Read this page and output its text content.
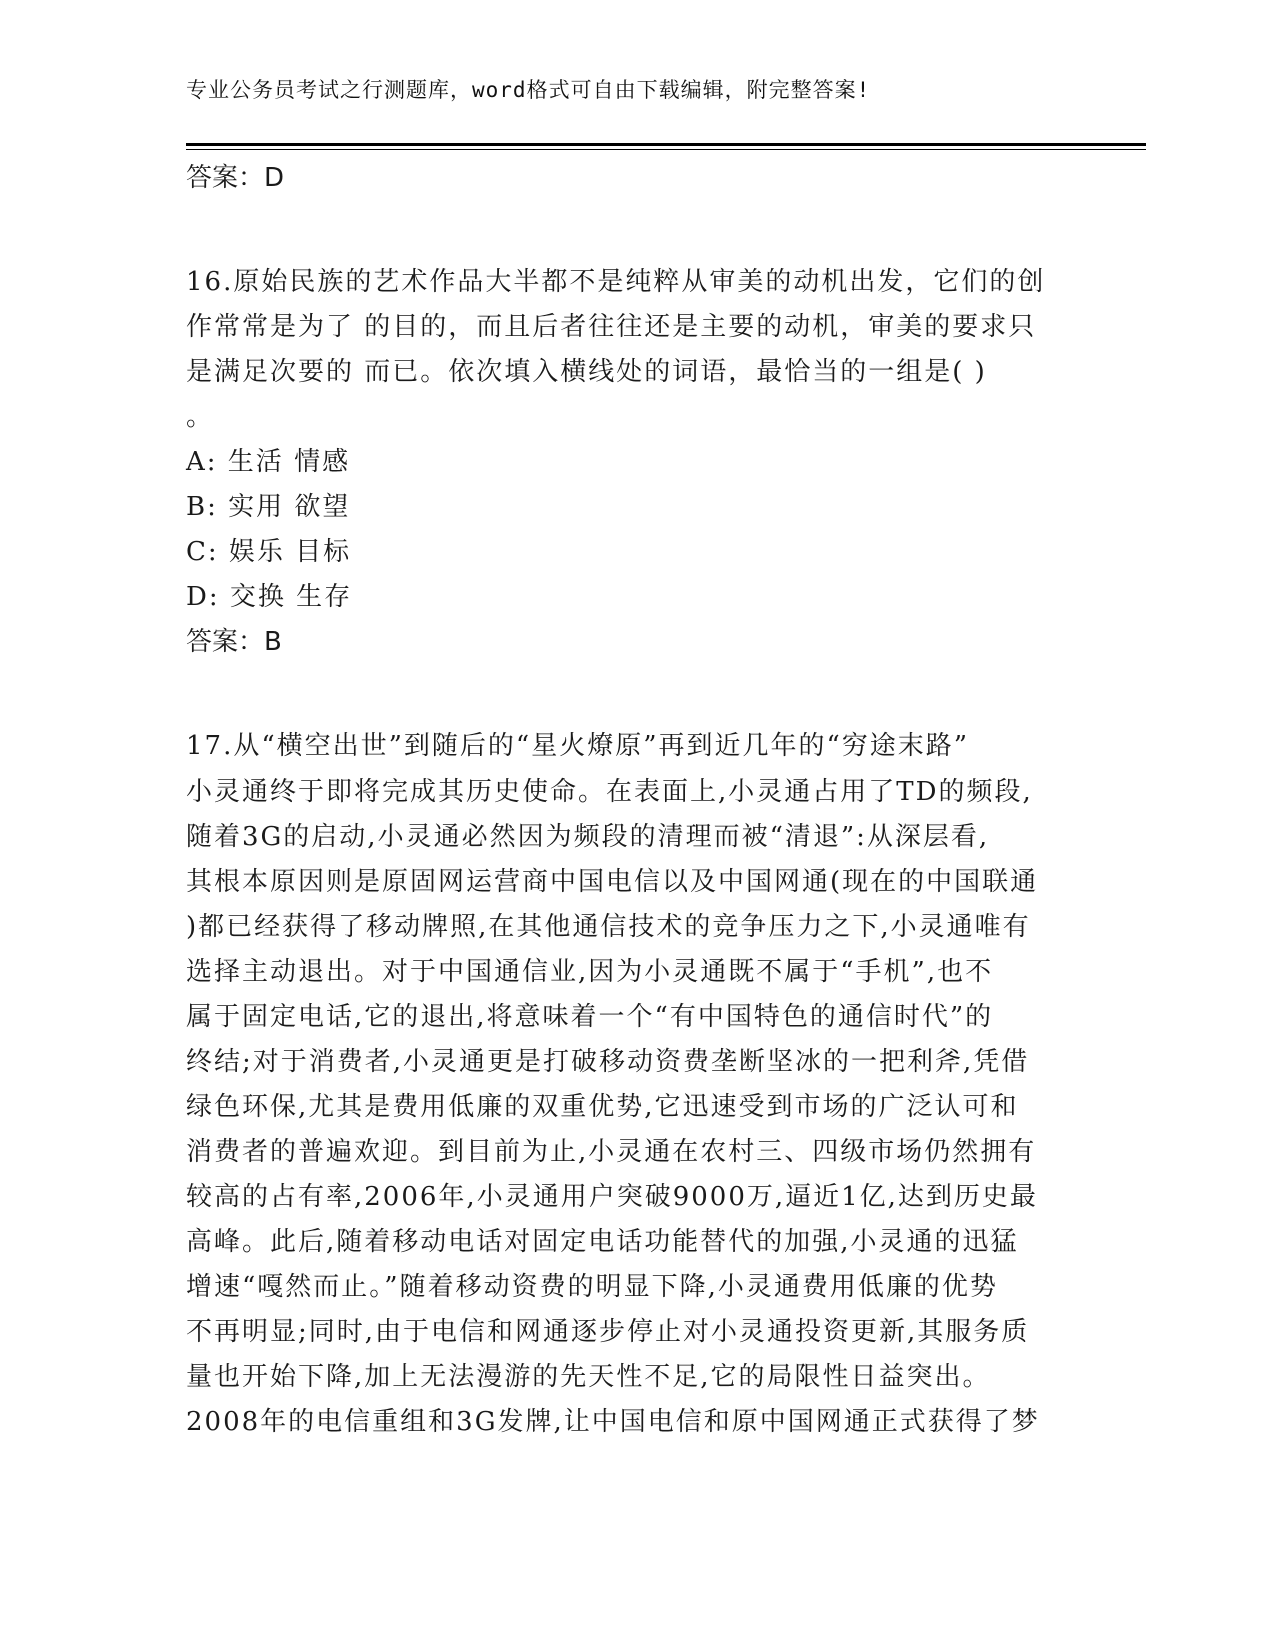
专业公务员考试之行测题库，word格式可自由下载编辑，附完整答案!

答案：D

16.原始民族的艺术作品大半都不是纯粹从审美的动机出发，它们的创

作常常是为了 的目的，而且后者往往还是主要的动机，审美的要求只

是满足次要的 而已。依次填入横线处的词语，最恰当的一组是( )

。

A: 生活 情感

B: 实用 欲望

C: 娱乐 目标

D: 交换 生存

答案：B

17.从“横空出世”到随后的“星火燎原”再到近几年的“穷途末路”

小灵通终于即将完成其历史使命。在表面上,小灵通占用了TD的频段,

随着3G的启动,小灵通必然因为频段的清理而被“清退”:从深层看,

其根本原因则是原固网运营商中国电信以及中国网通(现在的中国联通

)都已经获得了移动牌照,在其他通信技术的竞争压力之下,小灵通唯有

选择主动退出。对于中国通信业,因为小灵通既不属于“手机”,也不

属于固定电话,它的退出,将意味着一个“有中国特色的通信时代”的

终结;对于消费者,小灵通更是打破移动资费垄断坚冰的一把利斧,凭借

绿色环保,尤其是费用低廉的双重优势,它迅速受到市场的广泛认可和

消费者的普遍欢迎。到目前为止,小灵通在农村三、四级市场仍然拥有

较高的占有率,2006年,小灵通用户突破9000万,逼近1亿,达到历史最

高峰。此后,随着移动电话对固定电话功能替代的加强,小灵通的迅猛

增速“嘎然而止。”随着移动资费的明显下降,小灵通费用低廉的优势

不再明显;同时,由于电信和网通逐步停止对小灵通投资更新,其服务质

量也开始下降,加上无法漫游的先天性不足,它的局限性日益突出。

2008年的电信重组和3G发牌,让中国电信和原中国网通正式获得了梦
